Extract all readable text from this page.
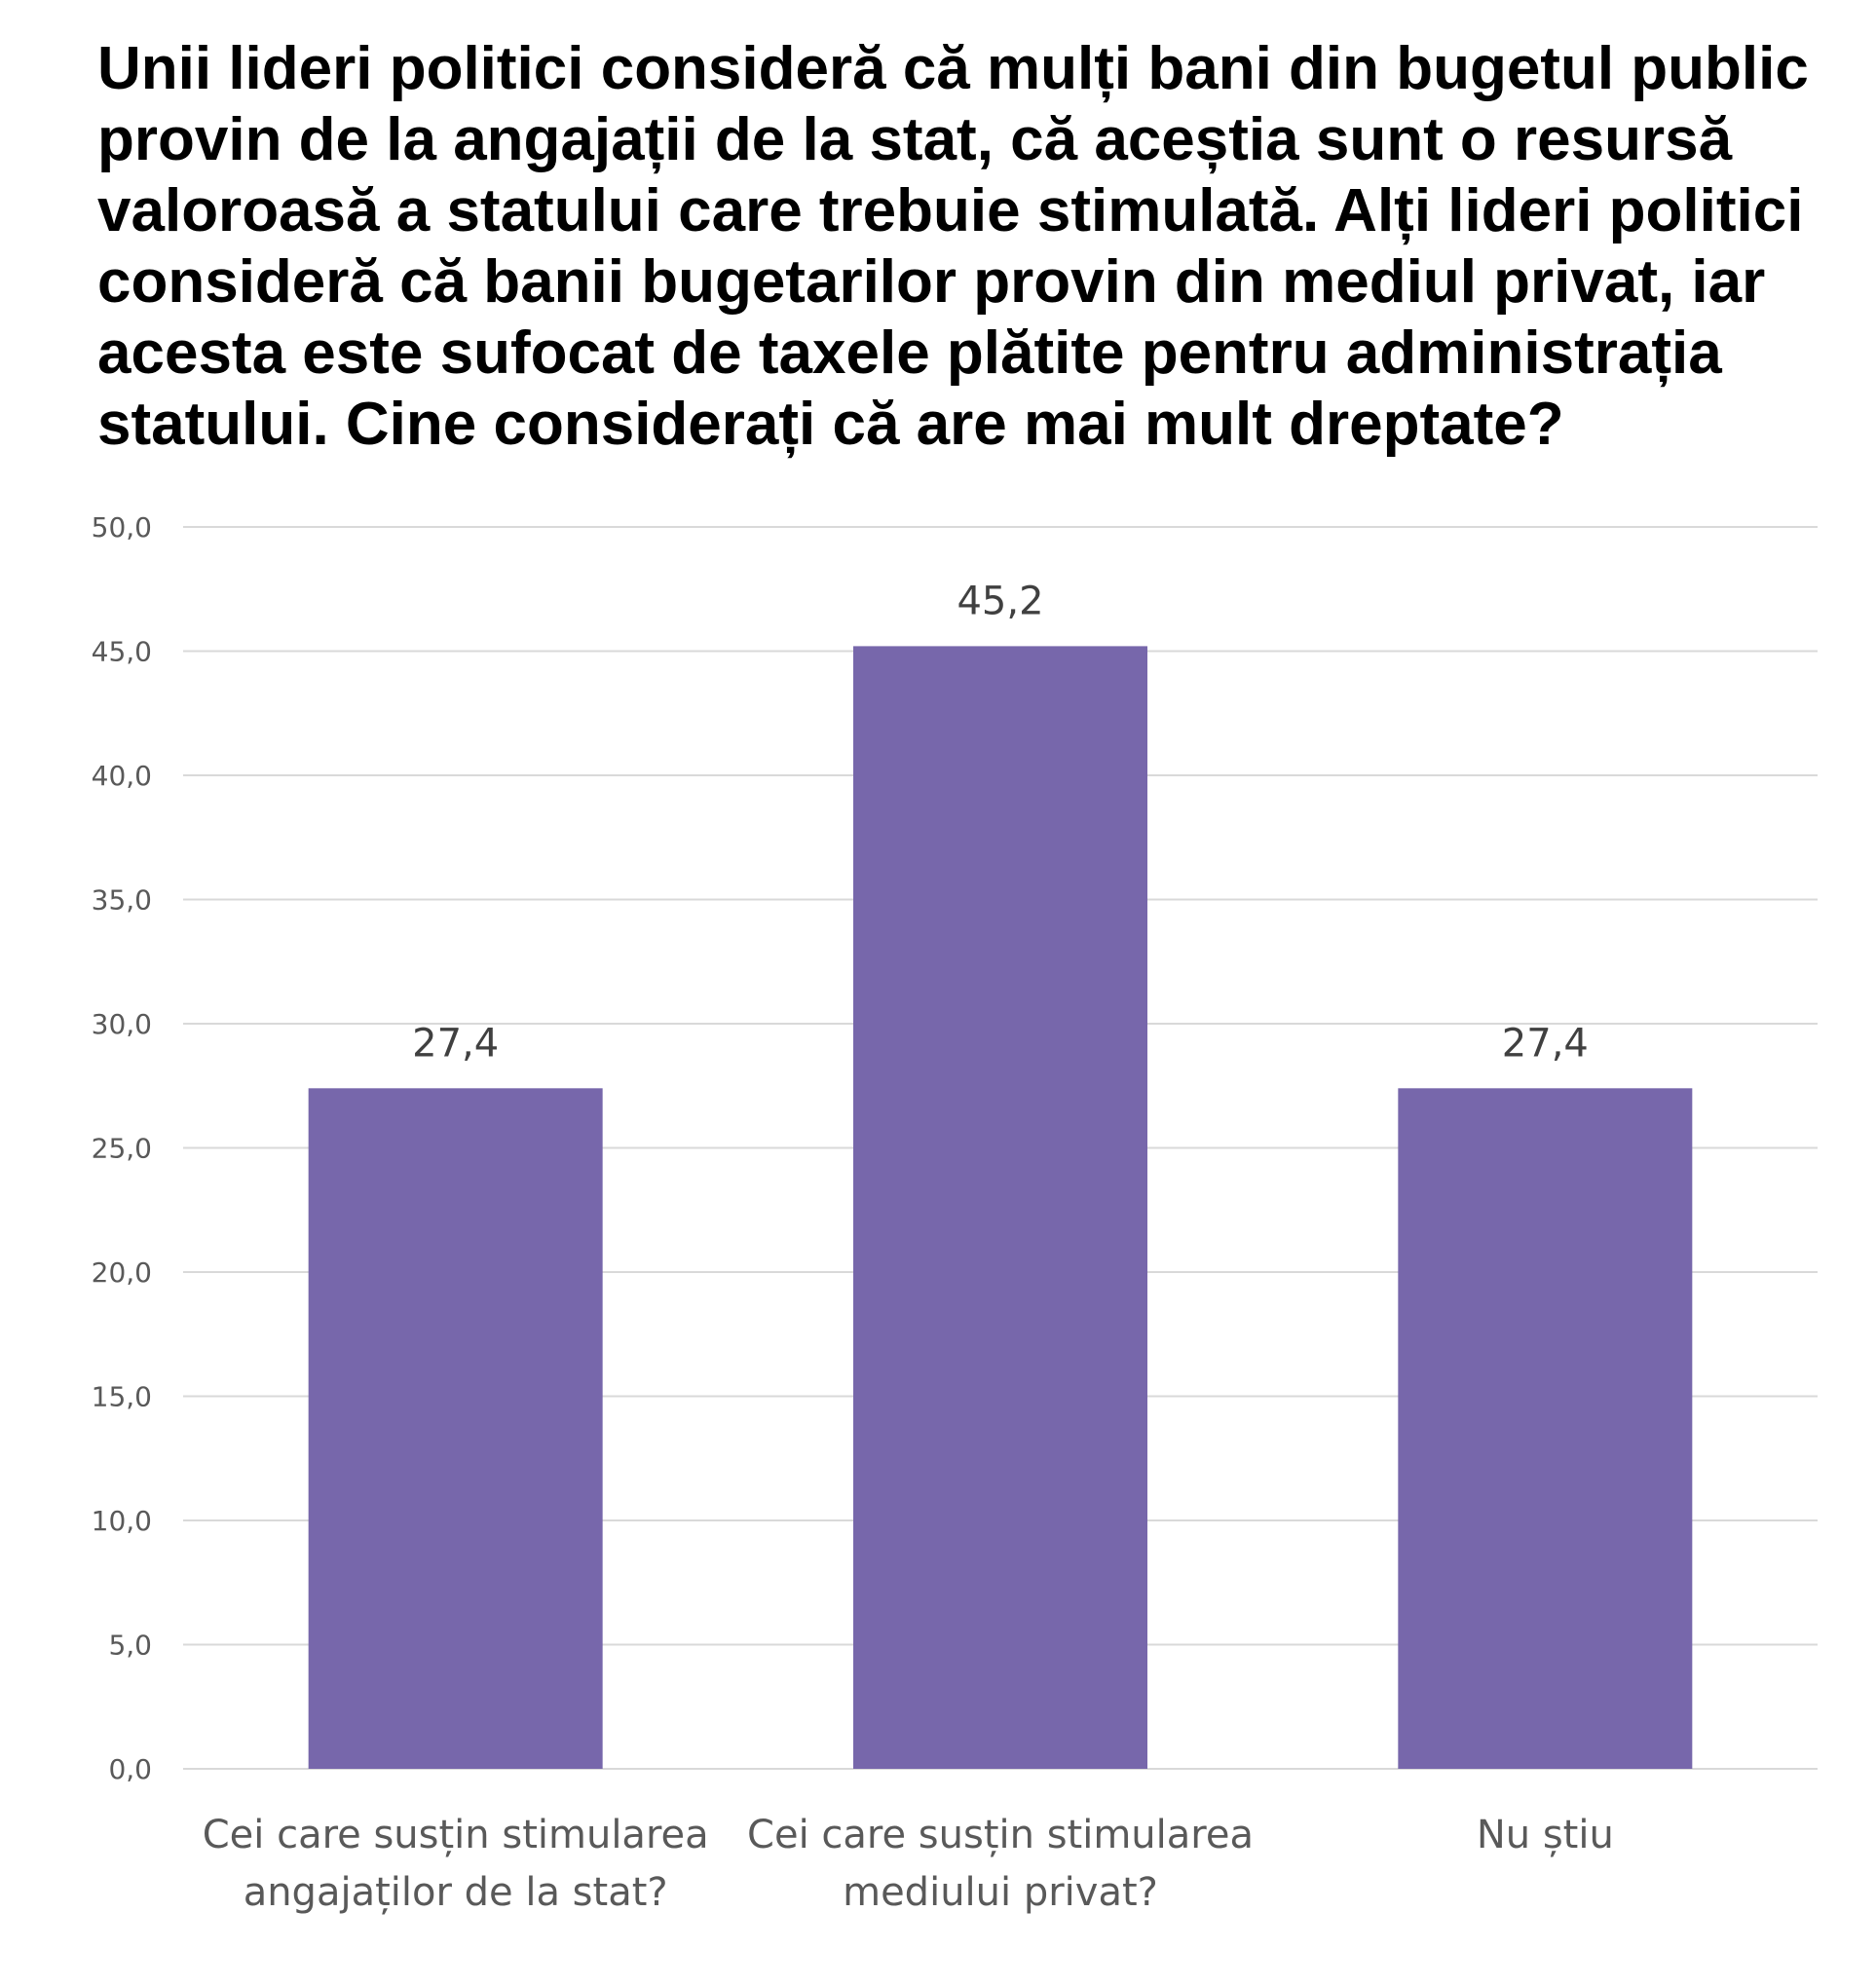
Unii lideri politici consideră că mulți bani din bugetul public provin de la angajații de la stat, că aceștia sunt o resursă valoroasă a statului care trebuie stimulată. Alți lideri politici consideră că banii bugetarilor provin din mediul privat, iar acesta este sufocat de taxele plătite pentru administrația statului. Cine considerați că are mai mult dreptate?
0,0
5,0
10,0
15,0
20,0
25,0
30,0
35,0
40,0
45,0
50,0
27,4
45,2
27,4
Cei care susțin stimularea
angajaților de la stat?
Cei care susțin stimularea
mediului privat?
Nu știu
